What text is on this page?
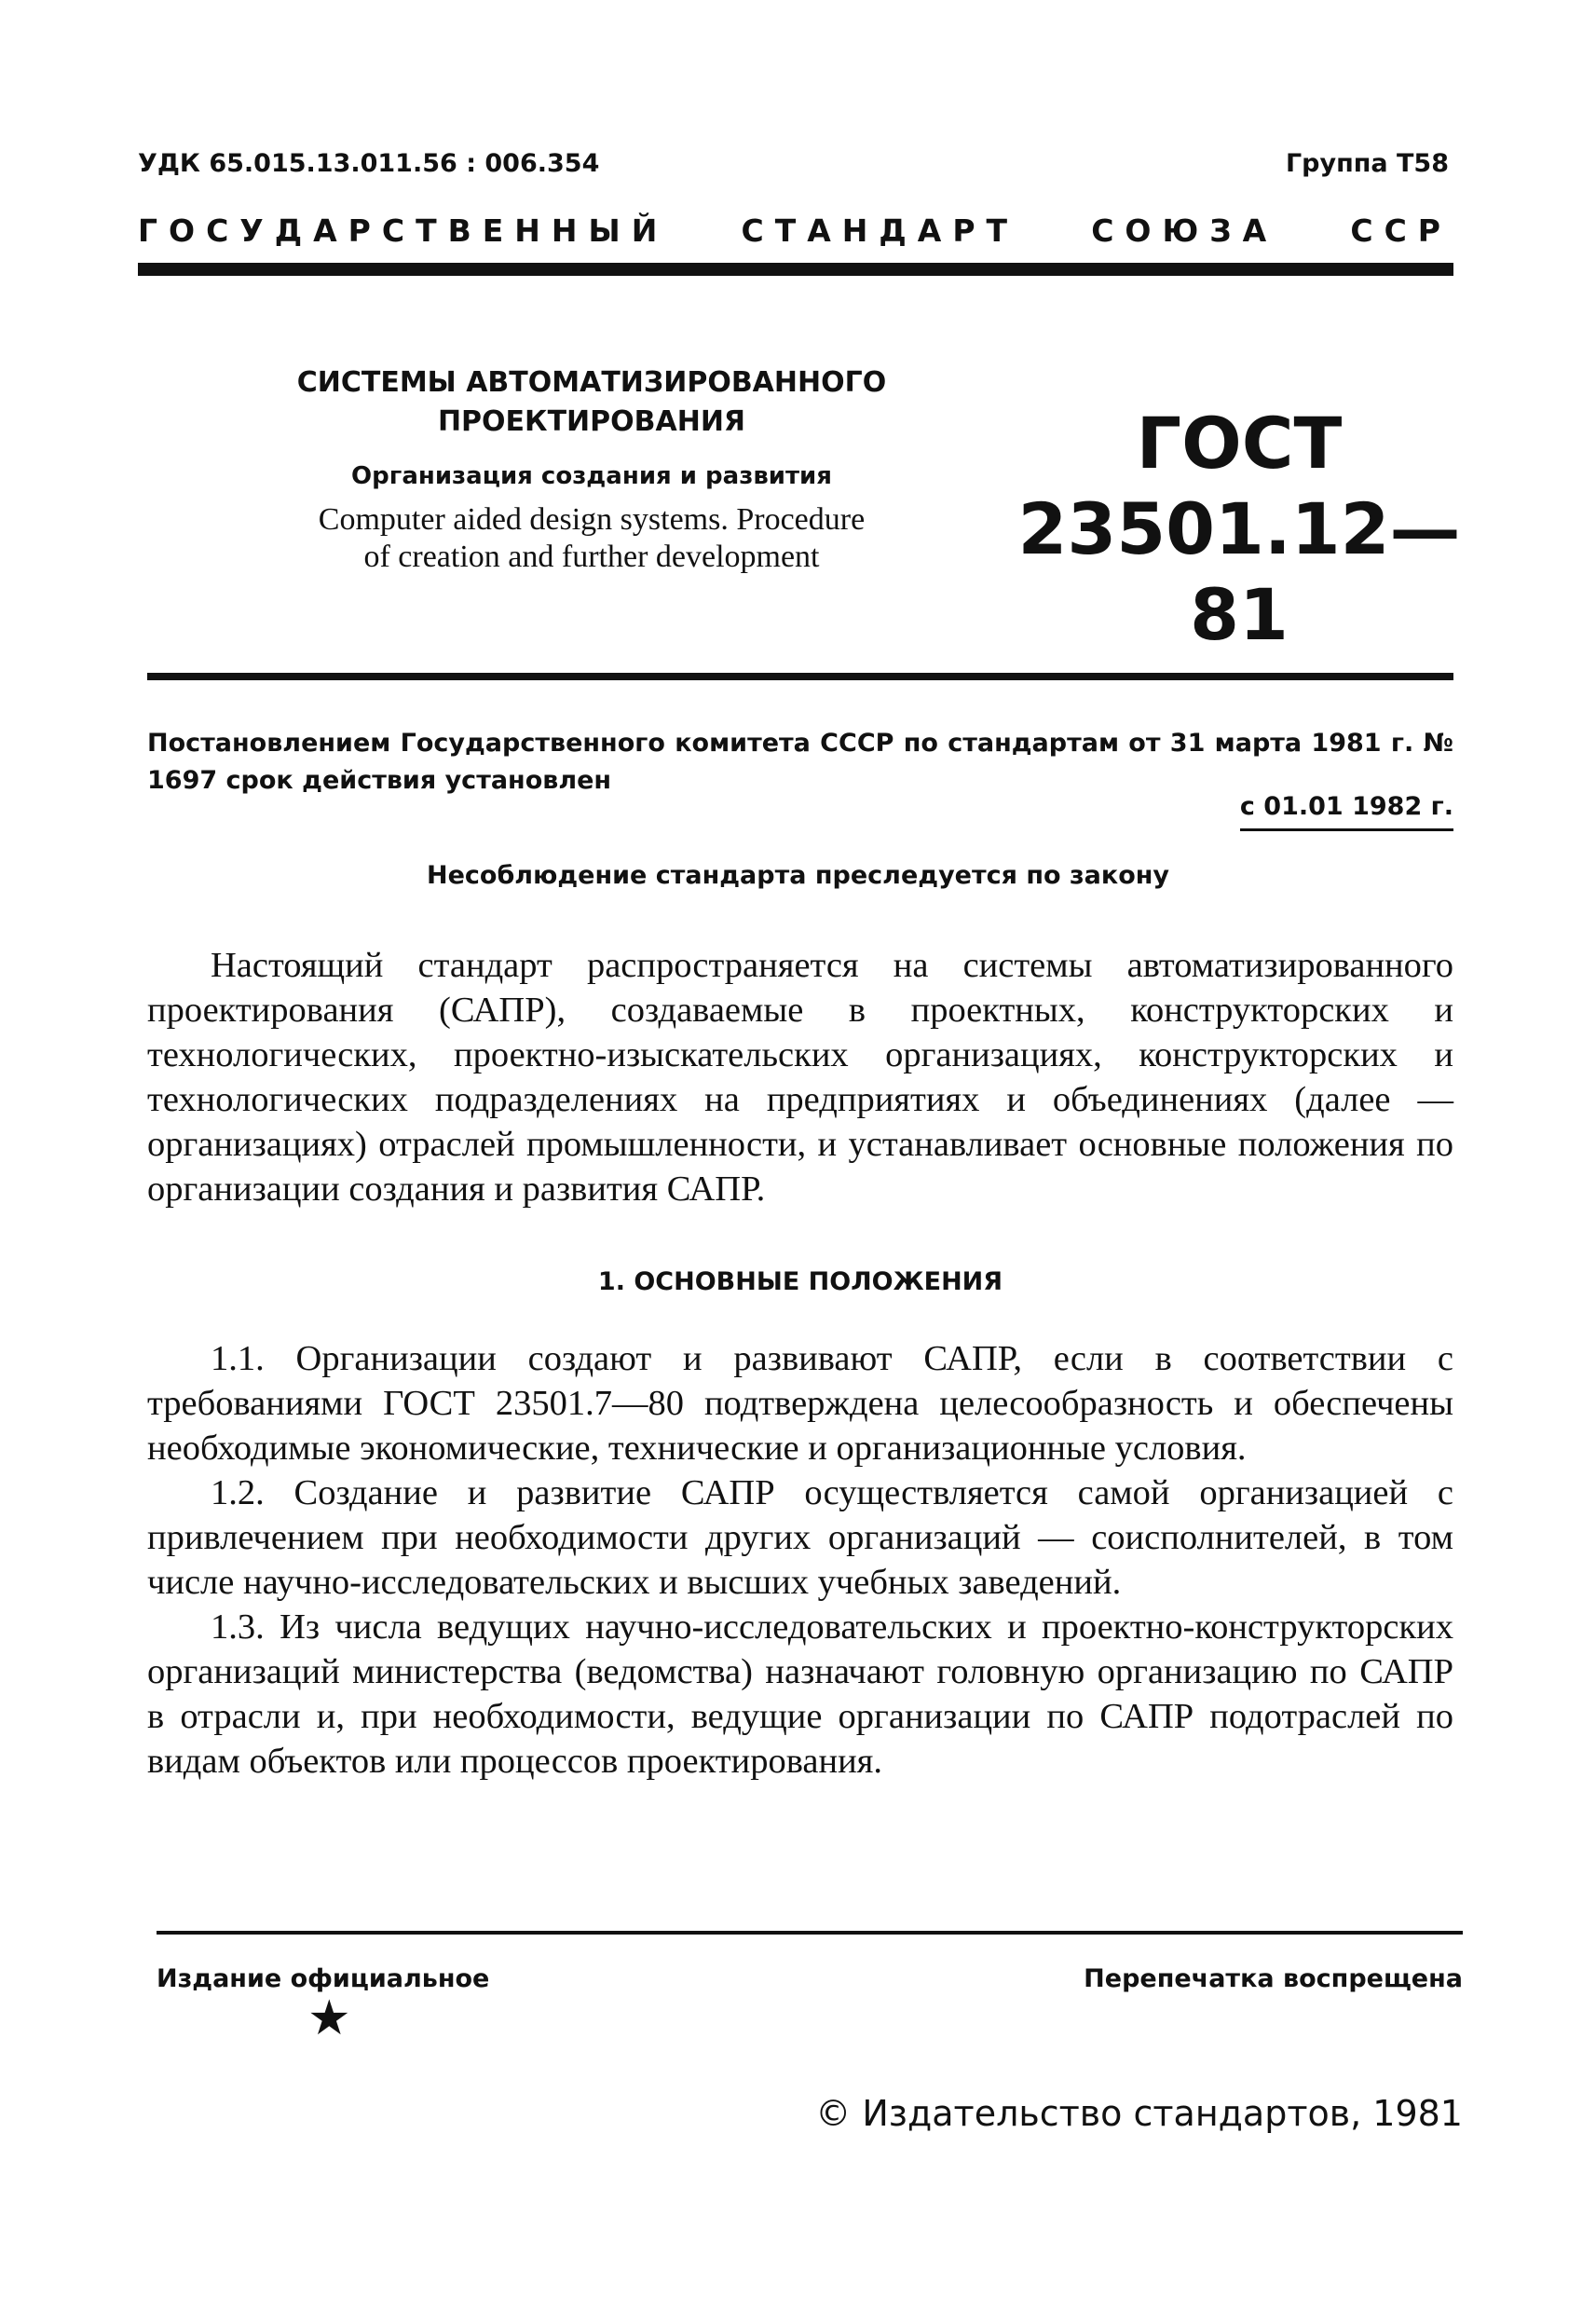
УДК 65.015.13.011.56 : 006.354	Группа Т58
ГОСУДАРСТВЕННЫЙ СТАНДАРТ СОЮЗА ССР
СИСТЕМЫ АВТОМАТИЗИРОВАННОГО
ПРОЕКТИРОВАНИЯ
Организация создания и развития
Computer aided design systems. Procedure
of creation and further development
ГОСТ
23501.12—81
Постановлением Государственного комитета СССР по стандартам от 31 марта 1981 г. № 1697 срок действия установлен
с 01.01 1982 г.
Несоблюдение стандарта преследуется по закону

Настоящий стандарт распространяется на системы автоматизированного проектирования (САПР), создаваемые в проектных, конструкторских и технологических, проектно-изыскательских организациях, конструкторских и технологических подразделениях на предприятиях и объединениях (далее — организациях) отраслей промышленности, и устанавливает основные положения по организации создания и развития САПР.

1. ОСНОВНЫЕ ПОЛОЖЕНИЯ

1.1. Организации создают и развивают САПР, если в соответствии с требованиями ГОСТ 23501.7—80 подтверждена целесообразность и обеспечены необходимые экономические, технические и организационные условия.

1.2. Создание и развитие САПР осуществляется самой организацией с привлечением при необходимости других организаций — соисполнителей, в том числе научно-исследовательских и высших учебных заведений.

1.3. Из числа ведущих научно-исследовательских и проектно-конструкторских организаций министерства (ведомства) назначают головную организацию по САПР в отрасли и, при необходимости, ведущие организации по САПР подотраслей по видам объектов или процессов проектирования.

Издание официальное	Перепечатка воспрещена
★
© Издательство стандартов, 1981
